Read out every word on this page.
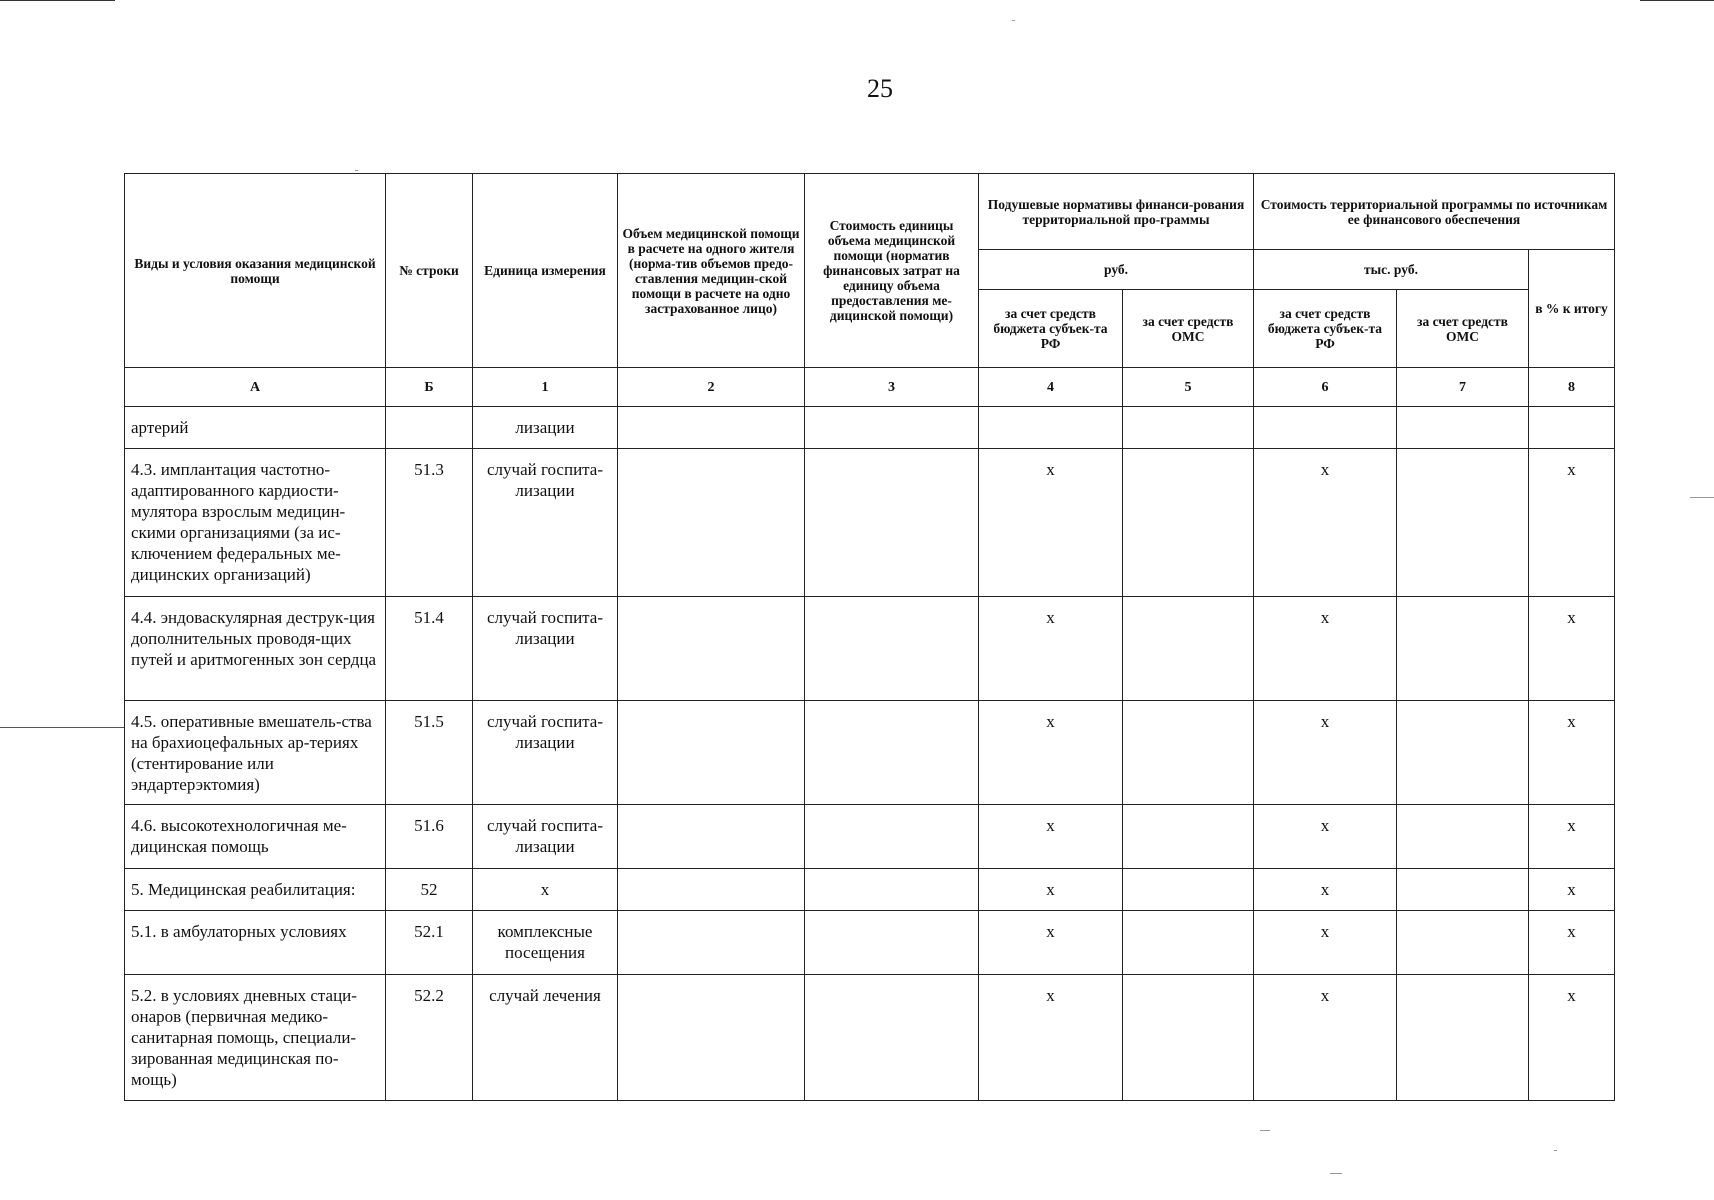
25
Виды и условия оказания медицинской помощи	№ строки	Единица измерения	Объем медицинской помощи в расчете на одного жителя (норма-тив объемов предо-ставления медицин-ской помощи в расчете на одно застрахованное лицо)	Стоимость единицы объема медицинской помощи (норматив финансовых затрат на единицу объема предоставления ме-дицинской помощи)	Подушевые нормативы финанси-рования территориальной про-граммы		Стоимость территориальной программы по источникам ее финансового обеспечения		
					руб.		тыс. руб.		в % к итогу
					за счет средств бюджета субъек-та РФ	за счет средств ОМС	за счет средств бюджета субъек-та РФ	за счет средств ОМС	
А	Б	1	2	3	4	5	6	7	8
артерий		лизации							
4.3. имплантация частотно-адаптированного кардиости-мулятора взрослым медицин-скими организациями (за ис-ключением федеральных ме-дицинских организаций)	51.3	случай госпита-лизации			х		х		х
4.4. эндоваскулярная деструк-ция дополнительных проводя-щих путей и аритмогенных зон сердца	51.4	случай госпита-лизации			х		х		х
4.5. оперативные вмешатель-ства на брахиоцефальных ар-териях (стентирование или эндартерэктомия)	51.5	случай госпита-лизации			х		х		х
4.6. высокотехнологичная ме-дицинская помощь	51.6	случай госпита-лизации			х		х		х
5. Медицинская реабилитация:	52	х			х		х		х
5.1. в амбулаторных условиях	52.1	комплексные посещения			х		х		х
5.2. в условиях дневных стаци-онаров (первичная медико-санитарная помощь, специали-зированная медицинская по-мощь)	52.2	случай лечения			х		х		х
